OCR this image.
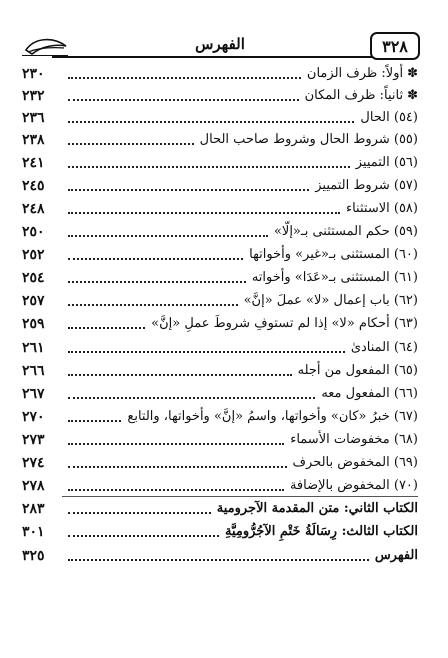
الفهرس	٣٢٨
٢٣٠	✽أولاً: ظرف الزمان
٢٣٢	✽ثانياً: ظرف المكان
٢٣٦	(٥٤) الحال
٢٣٨	(٥٥) شروط الحال وشروط صاحب الحال
٢٤١	(٥٦) التمييز
٢٤٥	(٥٧) شروط التمييز
٢٤٨	(٥٨) الاستثناء
٢٥٠	(٥٩) حكم المستثنى بـ«إلّا»
٢٥٢	(٦٠) المستثنى بـ«غير» وأخواتها
٢٥٤	(٦١) المستثنى بـ«عَدَا» وأخواته
٢٥٧	(٦٢) باب إعمال «لا» عملَ «إنَّ»
٢٥٩	(٦٣) أحكام «لا» إذا لم تستوفِ شروطَ عملِ «إنَّ»
٢٦١	(٦٤) المنادىٰ
٢٦٦	(٦٥) المفعول من أجله
٢٦٧	(٦٦) المفعول معه
٢٧٠	(٦٧) خبرُ «كان» وأخواتها، واسمُ «إنَّ» وأخواتها، والتابع
٢٧٣	(٦٨) مخفوضات الأسماء
٢٧٤	(٦٩) المخفوض بالحرف
٢٧٨	(٧٠) المخفوض بالإضافة
٢٨٣	الكتاب الثاني: متن المقدمة الآجرومية
٣٠١	الكتاب الثالث: رِسَالَةُ خَتْمِ الآجُرُّومِيَّةِ
٣٢٥	الفهرس
